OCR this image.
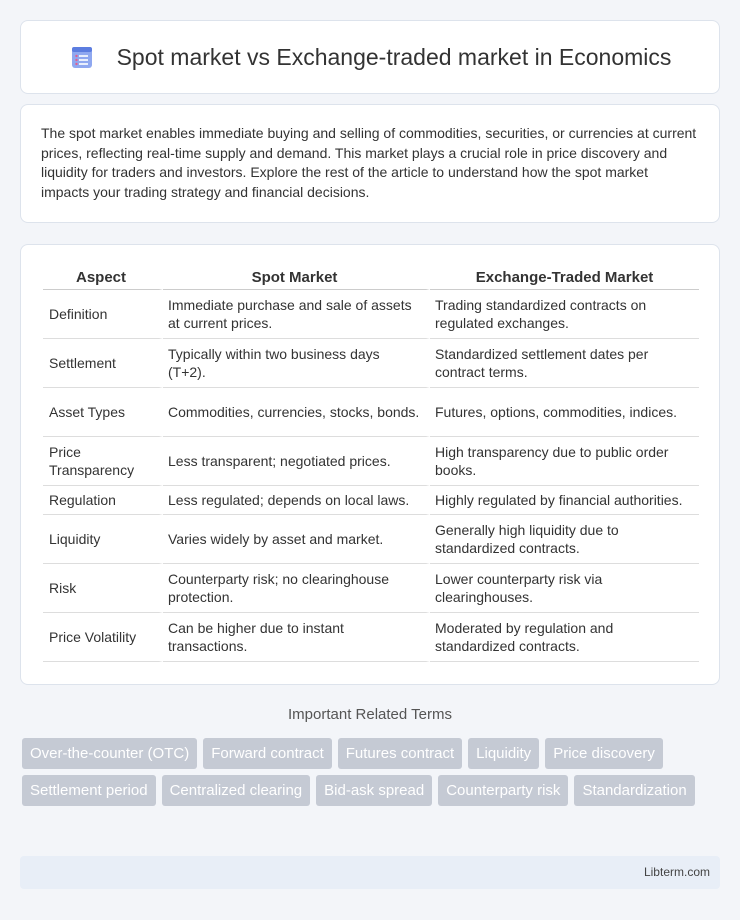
Spot market vs Exchange-traded market in Economics

The spot market enables immediate buying and selling of commodities, securities, or currencies at current prices, reflecting real-time supply and demand. This market plays a crucial role in price discovery and liquidity for traders and investors. Explore the rest of the article to understand how the spot market impacts your trading strategy and financial decisions.

Aspect	Spot Market	Exchange-Traded Market
Definition	Immediate purchase and sale of assets at current prices.	Trading standardized contracts on regulated exchanges.
Settlement	Typically within two business days (T+2).	Standardized settlement dates per contract terms.
Asset Types	Commodities, currencies, stocks, bonds.	Futures, options, commodities, indices.
Price Transparency	Less transparent; negotiated prices.	High transparency due to public order books.
Regulation	Less regulated; depends on local laws.	Highly regulated by financial authorities.
Liquidity	Varies widely by asset and market.	Generally high liquidity due to standardized contracts.
Risk	Counterparty risk; no clearinghouse protection.	Lower counterparty risk via clearinghouses.
Price Volatility	Can be higher due to instant transactions.	Moderated by regulation and standardized contracts.
Important Related Terms
Over-the-counter (OTC)	Forward contract	Futures contract	Liquidity	Price discovery
Settlement period	Centralized clearing	Bid-ask spread	Counterparty risk	Standardization
Libterm.com
